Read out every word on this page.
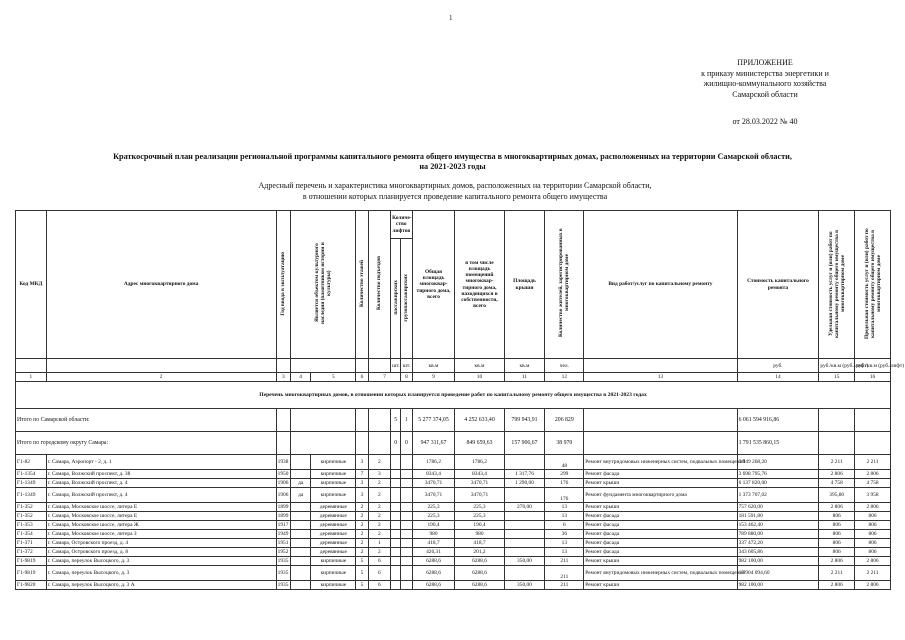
1
ПРИЛОЖЕНИЕ
к приказу министерства энергетики и
жилищно-коммунального хозяйства
Самарской области
от 28.03.2022 № 40
Краткосрочный план реализации региональной программы капитального ремонта общего имущества в многоквартирных домах, расположенных на территории Самарской области,
на 2021-2023 годы
Адресный перечень и характеристика многоквартирных домов, расположенных на территории Самарской области,
в отношении которых планируется проведение капитального ремонта общего имущества
Код МКД	Адрес многоквартирного дома	Год ввода в эксплуатацию	Является объектом культурного наследия (памятником истории и культуры)		Количество этажей	Количество подъездов	Количе-ство лифтов		Общая площадь многоквар-тирного дома, всего	в том числе площадь помещений многоквар-тирного дома, находящихся в собственности, всего	Площадь крыши	Количество жителей, зарегистрированных в многоквартирном доме	Вид работ/услуг по капитальному ремонту	Стоимость капитального ремонта	Удельная стоимость услуг и (или) работ по капитальному ремонту общего имущества в многоквартирном доме	Предельная стоимость услуг и (или) работ по капитальному ремонту общего имущества в многоквартирном доме
							пассажирских	грузопассажирских								
							шт.	шт.	кв.м	кв.м	кв.м	чел.		руб.	руб./кв.м (руб./лифт)	руб./кв.м (руб./лифт)
1	2	3	4	5	6	7		8	9	10	11	12	13	14	15	16
Перечень многоквартирных домов, в отношении которых планируется проведение работ по капитальному ремонту общего имущества в 2021-2023 годах																
Итого по Самарской области:							5	1	5 277 374,05	4 252 633,40	799 943,91	206 829		6 061 594 916,86		
Итого по городскому округу Самара:							0	0	947 311,67	849 659,63	157 906,67	38 970		1 791 535 860,15		
Г1-82	г. Самара, Аэропорт - 2, д. 1	1938		кирпичные	3	2			1786,2	1786,2		48	Ремонт внутридомовых инженерных систем, подвальных помещений	3 949 268,20	2 211	2 211
Г1-1354	г. Самара, Волжский проспект, д. 38	1950		кирпичные	7	3			8343,4	8343,4	1 317,76	299	Ремонт фасада	3 698 795,76	2 806	2 806
Г1-1349	г. Самара, Волжский проспект, д. 4	1906	да	кирпичные	3	2			3470,71	3470,71	1 290,00	176	Ремонт крыши	6 137 820,00	4 758	4 758
Г1-1349	г. Самара, Волжский проспект, д. 4	1906	да	кирпичные	3	2			3470,71	3470,71		176	Ремонт фундамента многоквартирного дома	1 373 707,02	395,80	3 958
Г1-352	г. Самара, Московское шоссе, литера Е	1899		деревянные	2	2			225,3	225,3	270,00	13	Ремонт крыши	757 620,00	2 806	2 806
Г1-352	г. Самара, Московское шоссе, литера Е	1899		деревянные	2	2			225,3	225,3		13	Ремонт фасада	181 591,80	806	806
Г1-353	г. Самара, Московское шоссе, литера Ж	1917		деревянные	2	2			190,4	190,4		6	Ремонт фасада	153 462,40	806	806
Г1-354	г. Самара, Московское шоссе, литера З	1949		деревянные	2	2			980	980		36	Ремонт фасада	789 880,00	806	806
Г1-371	г. Самара, Островского проезд, д. 4	1951		деревянные	2	1			418,7	418,7		13	Ремонт фасада	337 472,20	806	806
Г1-372	г. Самара, Островского проезд, д. 8	1952		деревянные	2	2			426,31	201,2		13	Ремонт фасада	343 605,86	806	806
Г1-9819	г. Самара, переулок Высоцкого, д. 3	1935		кирпичные	5	6			6288,6	6288,6	350,00	211	Ремонт крыши	982 100,00	2 806	2 806
Г1-9819	г. Самара, переулок Высоцкого, д. 3	1935		кирпичные	5	6			6288,6	6288,6		211	Ремонт внутридомовых инженерных систем, подвальных помещений	13 904 094,60	2 211	2 211
Г1-9820	г. Самара, переулок Высоцкого, д. 3 А	1935		кирпичные	5	6			6288,6	6288,6	350,00	211	Ремонт крыши	982 100,00	2 806	2 806
